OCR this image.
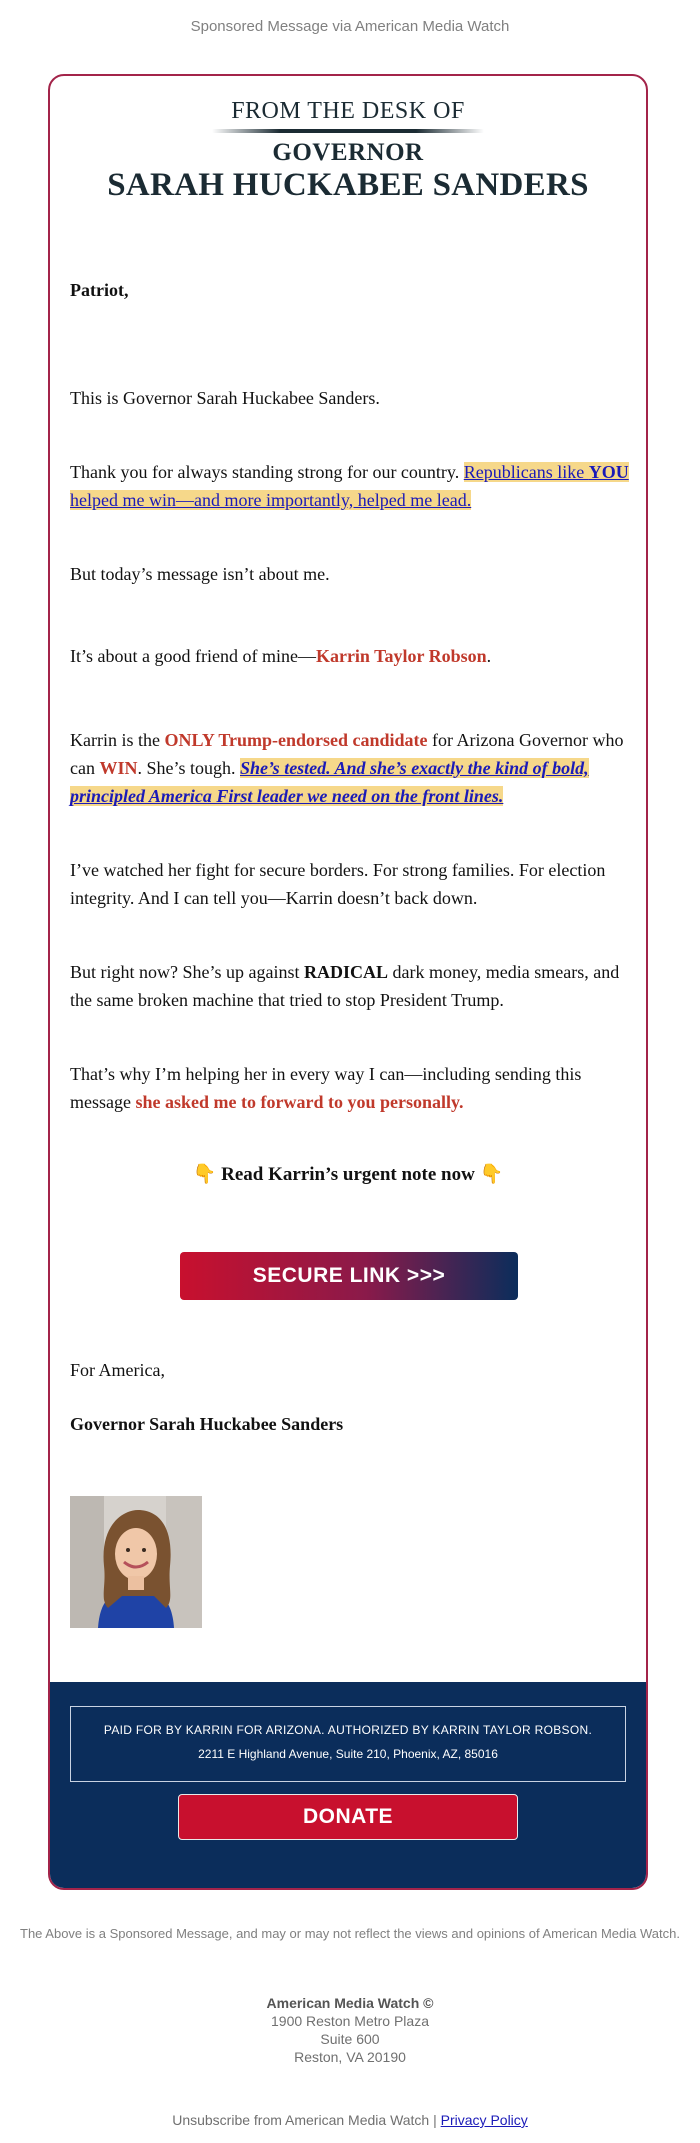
Sponsored Message via American Media Watch
FROM THE DESK OF
GOVERNOR
SARAH HUCKABEE SANDERS

Patriot,

This is Governor Sarah Huckabee Sanders.

Thank you for always standing strong for our country. Republicans like YOU helped me win—and more importantly, helped me lead.

But today’s message isn’t about me.

It’s about a good friend of mine—Karrin Taylor Robson.

Karrin is the ONLY Trump-endorsed candidate for Arizona Governor who can WIN. She’s tough. She’s tested. And she’s exactly the kind of bold, principled America First leader we need on the front lines.

I’ve watched her fight for secure borders. For strong families. For election integrity. And I can tell you—Karrin doesn’t back down.

But right now? She’s up against RADICAL dark money, media smears, and the same broken machine that tried to stop President Trump.

That’s why I’m helping her in every way I can—including sending this message she asked me to forward to you personally.

👇 Read Karrin’s urgent note now 👇
SECURE LINK >>>

For America,

Governor Sarah Huckabee Sanders

PAID FOR BY KARRIN FOR ARIZONA. AUTHORIZED BY KARRIN TAYLOR ROBSON.
2211 E Highland Avenue, Suite 210, Phoenix, AZ, 85016
DONATE
The Above is a Sponsored Message, and may or may not reflect the views and opinions of American Media Watch.
American Media Watch ©
1900 Reston Metro Plaza
Suite 600
Reston, VA 20190
Unsubscribe from American Media Watch | Privacy Policy
